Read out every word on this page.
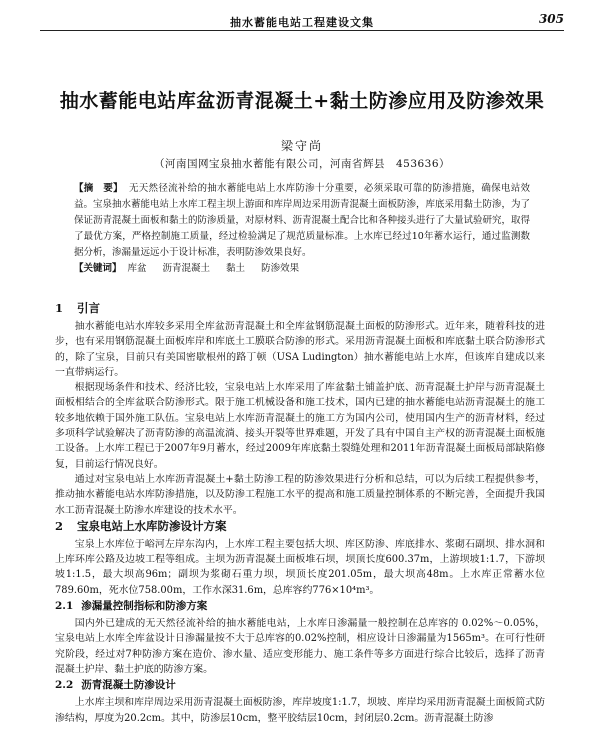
抽水蓄能电站工程建设文集	305
抽水蓄能电站库盆沥青混凝土+黏土防渗应用及防渗效果
梁守尚
（河南国网宝泉抽水蓄能有限公司，河南省辉县　453636）
【摘　要】 无天然径流补给的抽水蓄能电站上水库防渗十分重要，必须采取可靠的防渗措施，确保电站效益。宝泉抽水蓄能电站上水库工程主坝上游面和库岸周边采用沥青混凝土面板防渗，库底采用黏土防渗，为了保证沥青混凝土面板和黏土的防渗质量，对原材料、沥青混凝土配合比和各种接头进行了大量试验研究，取得了最优方案，严格控制施工质量，经过检验满足了规范质量标准。上水库已经过10年蓄水运行，通过监测数据分析，渗漏量远远小于设计标准，表明防渗效果良好。
【关键词】 库盆 沥青混凝土 黏土 防渗效果
1 引言
抽水蓄能电站水库较多采用全库盆沥青混凝土和全库盆钢筋混凝土面板的防渗形式。近年来，随着科技的进步，也有采用钢筋混凝土面板库岸和库底土工膜联合防渗的形式。采用沥青混凝土面板和库底黏土联合防渗形式的，除了宝泉，目前只有美国密歇根州的路丁顿（USA Ludington）抽水蓄能电站上水库，但该库自建成以来一直带病运行。
根据现场条件和技术、经济比较，宝泉电站上水库采用了库盆黏土铺盖护底、沥青混凝土护岸与沥青混凝土面板相结合的全库盆联合防渗形式。限于施工机械设备和施工技术，国内已建的抽水蓄能电站沥青混凝土的施工较多地依赖于国外施工队伍。宝泉电站上水库沥青混凝土的施工方为国内公司，使用国内生产的沥青材料，经过多项科学试验解决了沥青防渗的高温流淌、接头开裂等世界难题，开发了具有中国自主产权的沥青混凝土面板施工设备。上水库工程已于2007年9月蓄水，经过2009年库底黏土裂缝处理和2011年沥青混凝土面板局部缺陷修复，目前运行情况良好。
通过对宝泉电站上水库沥青混凝土+黏土防渗工程的防渗效果进行分析和总结，可以为后续工程提供参考，推动抽水蓄能电站水库防渗措施，以及防渗工程施工水平的提高和施工质量控制体系的不断完善，全面提升我国水工沥青混凝土防渗水库建设的技术水平。
2 宝泉电站上水库防渗设计方案
宝泉上水库位于峪河左岸东沟内，上水库工程主要包括大坝、库区防渗、库底排水、浆砌石副坝、排水洞和上库环库公路及边坡工程等组成。主坝为沥青混凝土面板堆石坝，坝顶长度600.37m，上游坝坡1:1.7，下游坝坡1:1.5，最大坝高96m；副坝为浆砌石重力坝，坝顶长度201.05m，最大坝高48m。上水库正常蓄水位789.60m，死水位758.00m，工作水深31.6m，总库容约776×10⁴m³。
2.1 渗漏量控制指标和防渗方案
国内外已建成的无天然径流补给的抽水蓄能电站，上水库日渗漏量一般控制在总库容的 0.02%～0.05%，宝泉电站上水库全库盆设计日渗漏量按不大于总库容的0.02%控制，相应设计日渗漏量为1565m³。在可行性研究阶段，经过对7种防渗方案在造价、渗水量、适应变形能力、施工条件等多方面进行综合比较后，选择了沥青混凝土护岸、黏土护底的防渗方案。
2.2 沥青混凝土防渗设计
上水库主坝和库岸周边采用沥青混凝土面板防渗，库岸坡度1:1.7，坝坡、库岸均采用沥青混凝土面板简式防渗结构，厚度为20.2cm。其中，防渗层10cm，整平胶结层10cm，封闭层0.2cm。沥青混凝土防渗
